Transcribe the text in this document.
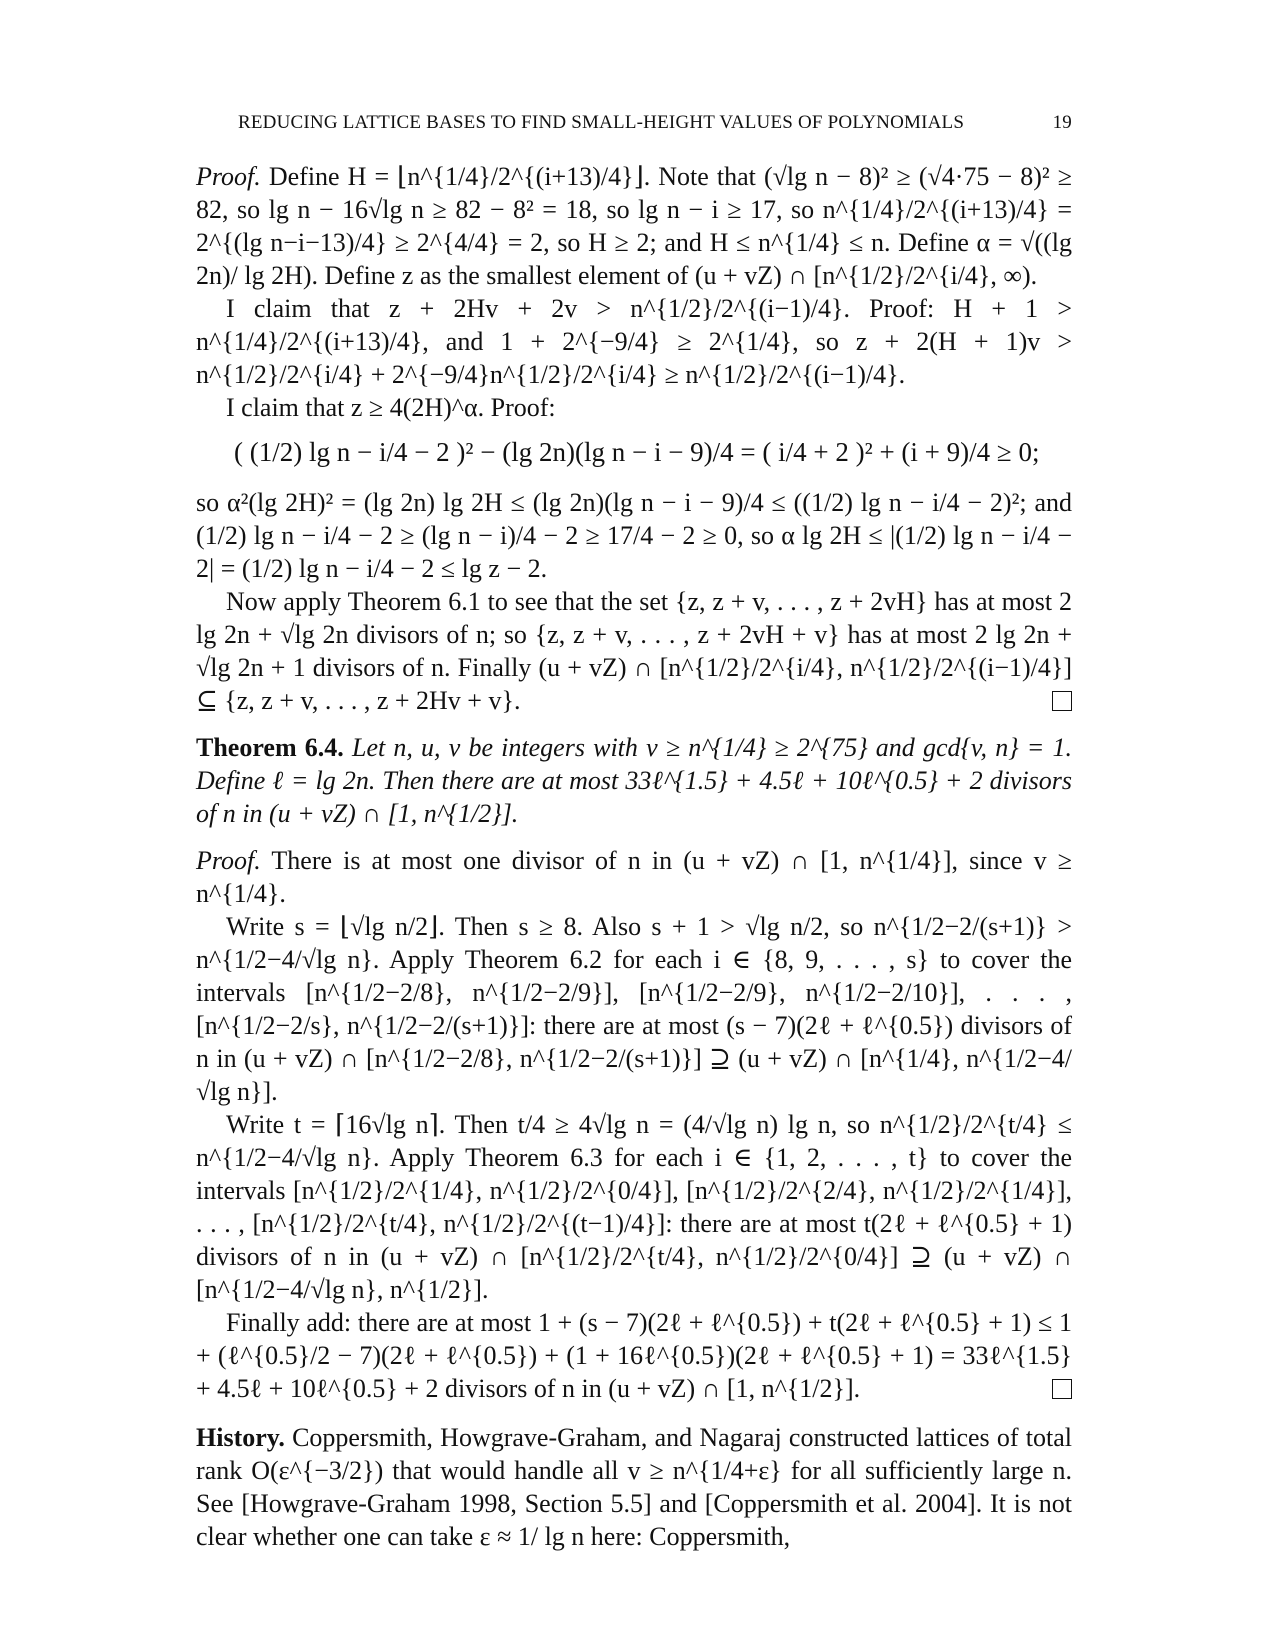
REDUCING LATTICE BASES TO FIND SMALL-HEIGHT VALUES OF POLYNOMIALS	19

Proof. Define H = ⌊n^{1/4}/2^{(i+13)/4}⌋. Note that (√lg n − 8)² ≥ (√4·75 − 8)² ≥ 82, so lg n − 16√lg n ≥ 82 − 8² = 18, so lg n − i ≥ 17, so n^{1/4}/2^{(i+13)/4} = 2^{(lg n−i−13)/4} ≥ 2^{4/4} = 2, so H ≥ 2; and H ≤ n^{1/4} ≤ n. Define α = √((lg 2n)/ lg 2H). Define z as the smallest element of (u + vZ) ∩ [n^{1/2}/2^{i/4}, ∞).

I claim that z + 2Hv + 2v > n^{1/2}/2^{(i−1)/4}. Proof: H + 1 > n^{1/4}/2^{(i+13)/4}, and 1 + 2^{−9/4} ≥ 2^{1/4}, so z + 2(H + 1)v > n^{1/2}/2^{i/4} + 2^{−9/4}n^{1/2}/2^{i/4} ≥ n^{1/2}/2^{(i−1)/4}.

I claim that z ≥ 4(2H)^α. Proof:

( (1/2) lg n − i/4 − 2 )² − (lg 2n)(lg n − i − 9)/4 = ( i/4 + 2 )² + (i + 9)/4 ≥ 0;

so α²(lg 2H)² = (lg 2n) lg 2H ≤ (lg 2n)(lg n − i − 9)/4 ≤ ((1/2) lg n − i/4 − 2)²; and (1/2) lg n − i/4 − 2 ≥ (lg n − i)/4 − 2 ≥ 17/4 − 2 ≥ 0, so α lg 2H ≤ |(1/2) lg n − i/4 − 2| = (1/2) lg n − i/4 − 2 ≤ lg z − 2.

Now apply Theorem 6.1 to see that the set {z, z + v, . . . , z + 2vH} has at most 2 lg 2n + √lg 2n divisors of n; so {z, z + v, . . . , z + 2vH + v} has at most 2 lg 2n + √lg 2n + 1 divisors of n. Finally (u + vZ) ∩ [n^{1/2}/2^{i/4}, n^{1/2}/2^{(i−1)/4}] ⊆ {z, z + v, . . . , z + 2Hv + v}.

Theorem 6.4. Let n, u, v be integers with v ≥ n^{1/4} ≥ 2^{75} and gcd{v, n} = 1. Define ℓ = lg 2n. Then there are at most 33ℓ^{1.5} + 4.5ℓ + 10ℓ^{0.5} + 2 divisors of n in (u + vZ) ∩ [1, n^{1/2}].

Proof. There is at most one divisor of n in (u + vZ) ∩ [1, n^{1/4}], since v ≥ n^{1/4}.

Write s = ⌊√lg n/2⌋. Then s ≥ 8. Also s + 1 > √lg n/2, so n^{1/2−2/(s+1)} > n^{1/2−4/√lg n}. Apply Theorem 6.2 for each i ∈ {8, 9, . . . , s} to cover the intervals [n^{1/2−2/8}, n^{1/2−2/9}], [n^{1/2−2/9}, n^{1/2−2/10}], . . . , [n^{1/2−2/s}, n^{1/2−2/(s+1)}]: there are at most (s − 7)(2ℓ + ℓ^{0.5}) divisors of n in (u + vZ) ∩ [n^{1/2−2/8}, n^{1/2−2/(s+1)}] ⊇ (u + vZ) ∩ [n^{1/4}, n^{1/2−4/√lg n}].

Write t = ⌈16√lg n⌉. Then t/4 ≥ 4√lg n = (4/√lg n) lg n, so n^{1/2}/2^{t/4} ≤ n^{1/2−4/√lg n}. Apply Theorem 6.3 for each i ∈ {1, 2, . . . , t} to cover the intervals [n^{1/2}/2^{1/4}, n^{1/2}/2^{0/4}], [n^{1/2}/2^{2/4}, n^{1/2}/2^{1/4}], . . . , [n^{1/2}/2^{t/4}, n^{1/2}/2^{(t−1)/4}]: there are at most t(2ℓ + ℓ^{0.5} + 1) divisors of n in (u + vZ) ∩ [n^{1/2}/2^{t/4}, n^{1/2}/2^{0/4}] ⊇ (u + vZ) ∩ [n^{1/2−4/√lg n}, n^{1/2}].

Finally add: there are at most 1 + (s − 7)(2ℓ + ℓ^{0.5}) + t(2ℓ + ℓ^{0.5} + 1) ≤ 1 + (ℓ^{0.5}/2 − 7)(2ℓ + ℓ^{0.5}) + (1 + 16ℓ^{0.5})(2ℓ + ℓ^{0.5} + 1) = 33ℓ^{1.5} + 4.5ℓ + 10ℓ^{0.5} + 2 divisors of n in (u + vZ) ∩ [1, n^{1/2}].

History. Coppersmith, Howgrave-Graham, and Nagaraj constructed lattices of total rank O(ε^{−3/2}) that would handle all v ≥ n^{1/4+ε} for all sufficiently large n. See [Howgrave-Graham 1998, Section 5.5] and [Coppersmith et al. 2004]. It is not clear whether one can take ε ≈ 1/ lg n here: Coppersmith,
